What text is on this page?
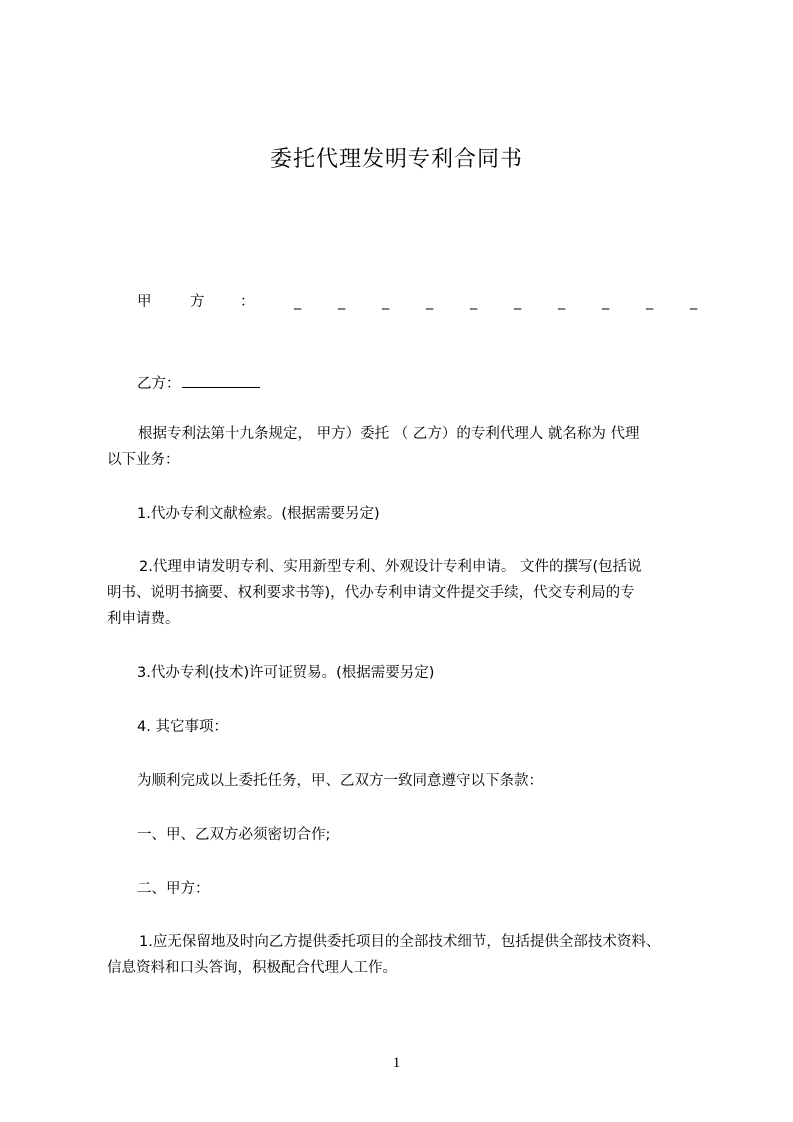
委托代理发明专利合同书
甲	方 ：	_	_	_	_	_	_	_	_	_	_
乙方：
根据专利法第十九条规定， 甲方）委托 （ 乙方）的专利代理人 就名称为 代理
以下业务：
1.代办专利文献检索。(根据需要另定)
2.代理申请发明专利、实用新型专利、外观设计专利申请。 文件的撰写(包括说
明书、说明书摘要、权利要求书等)，代办专利申请文件提交手续，代交专利局的专
利申请费。
3.代办专利(技术)许可证贸易。(根据需要另定)
4. 其它事项：
为顺利完成以上委托任务，甲、乙双方一致同意遵守以下条款：
一、甲、乙双方必须密切合作;
二、甲方：
1.应无保留地及时向乙方提供委托项目的全部技术细节，包括提供全部技术资料、
信息资料和口头答询，积极配合代理人工作。
1
